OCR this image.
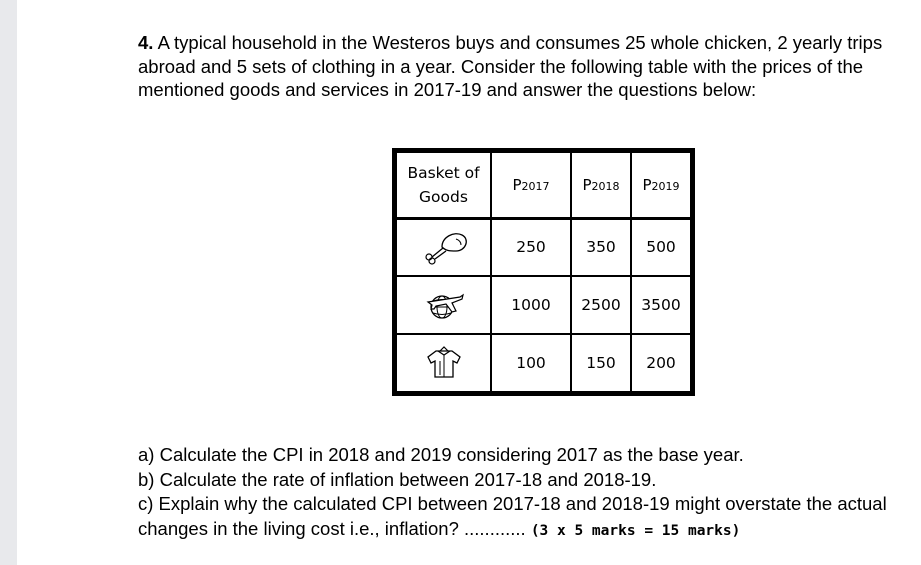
4. A typical household in the Westeros buys and consumes 25 whole chicken, 2 yearly trips abroad and 5 sets of clothing in a year. Consider the following table with the prices of the mentioned goods and services in 2017-19 and answer the questions below:
Basket of Goods	P2017	P2018	P2019

	250	350	500

	1000	2500	3500

	100	150	200
a) Calculate the CPI in 2018 and 2019 considering 2017 as the base year.
b) Calculate the rate of inflation between 2017-18 and 2018-19.
c) Explain why the calculated CPI between 2017-18 and 2018-19 might overstate the actual changes in the living cost i.e., inflation? ............ (3 x 5 marks = 15 marks)
